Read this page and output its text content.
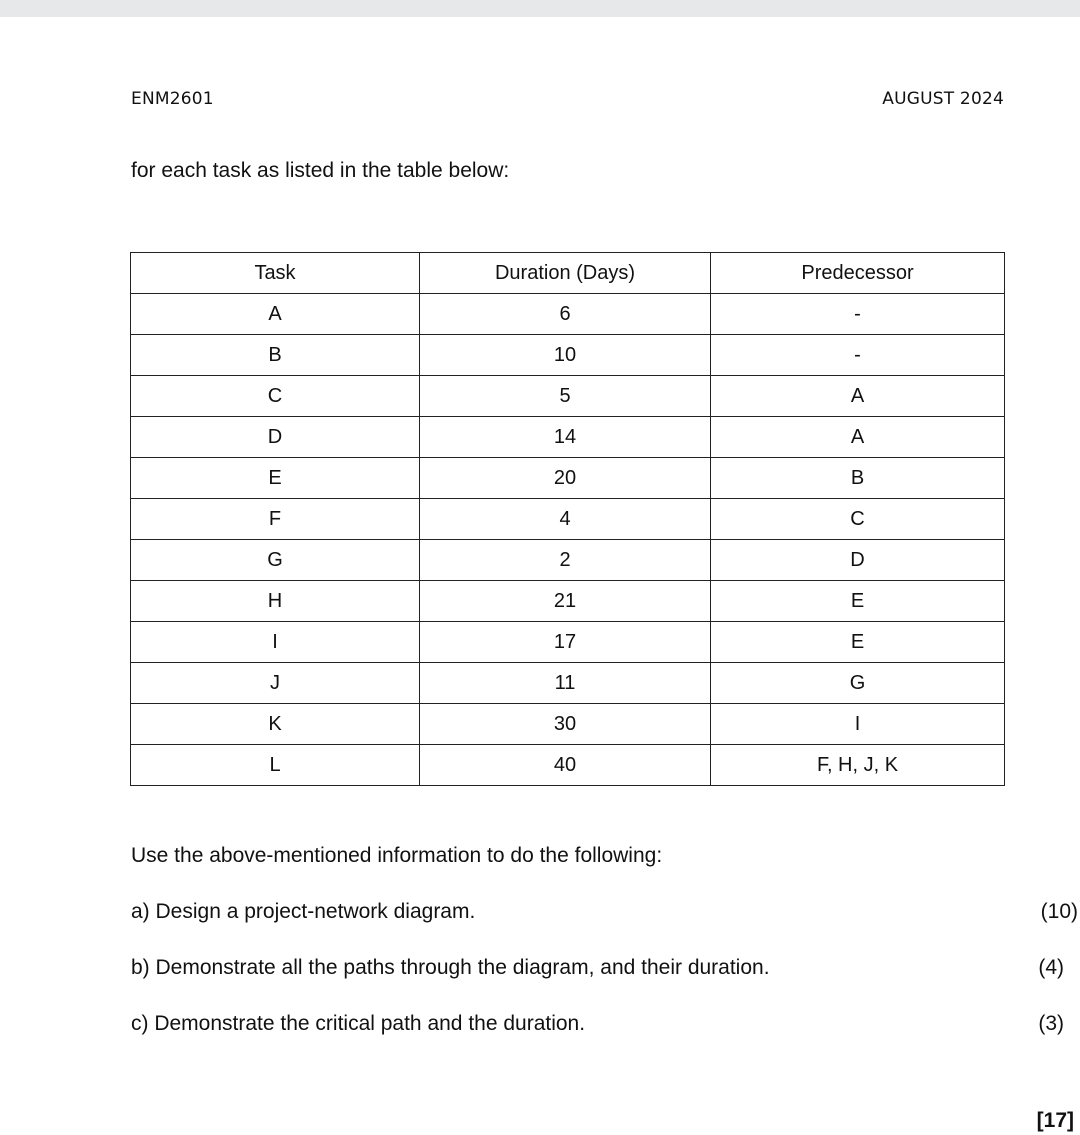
ENM2601	AUGUST 2024
for each task as listed in the table below:
Task	Duration (Days)	Predecessor
A	6	-
B	10	-
C	5	A
D	14	A
E	20	B
F	4	C
G	2	D
H	21	E
I	17	E
J	11	G
K	30	I
L	40	F, H, J, K
Use the above-mentioned information to do the following:
a) Design a project-network diagram.	(10)
b) Demonstrate all the paths through the diagram, and their duration.	(4)
c) Demonstrate the critical path and the duration.	(3)
[17]
